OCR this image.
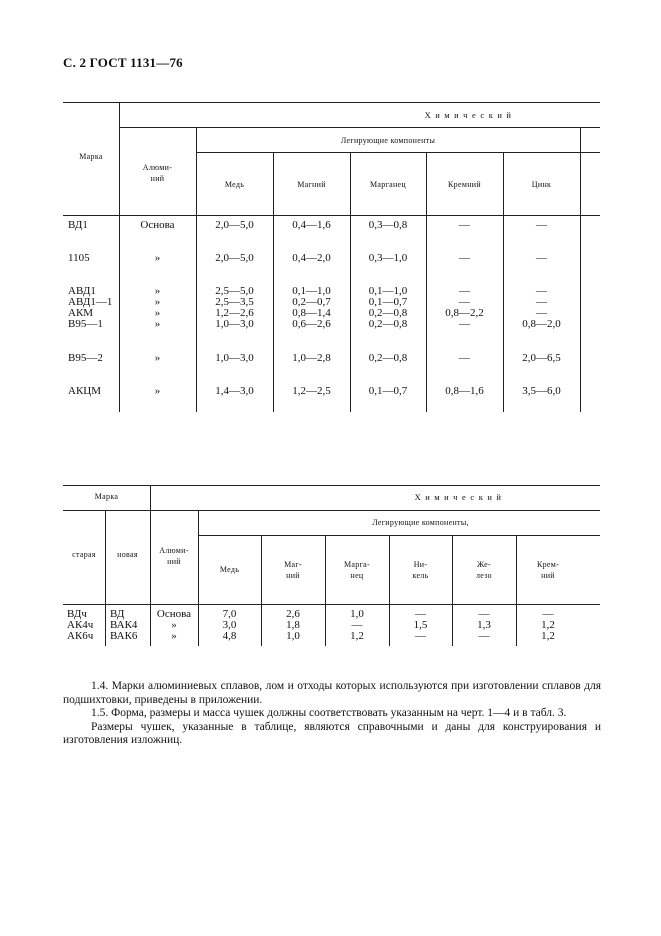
С. 2 ГОСТ 1131—76
Марка
Химический
Легирующие компоненты
Алюми-
ний
Медь	Магний	Марганец	Кремний	Цинк
ВД1	Основа	2,0—5,0	0,4—1,6	0,3—0,8	—	—
1105	»	2,0—5,0	0,4—2,0	0,3—1,0	—	—
АВД1	»	2,5—5,0	0,1—1,0	0,1—1,0	—	—
АВД1—1	»	2,5—3,5	0,2—0,7	0,1—0,7	—	—
АКМ	»	1,2—2,6	0,8—1,4	0,2—0,8	0,8—2,2	—
В95—1	»	1,0—3,0	0,6—2,6	0,2—0,8	—	0,8—2,0
В95—2	»	1,0—3,0	1,0—2,8	0,2—0,8	—	2,0—6,5
АКЦМ	»	1,4—3,0	1,2—2,5	0,1—0,7	0,8—1,6	3,5—6,0
Марка	Химический
Легирующие компоненты,
старая	новая	Алюми-
ний
Медь
Маг-
ний
Марга-
нец
Ни-
кель
Же-
лезо
Крем-
ний
ВДч ВД	Основа	7,0	2,6	1,0	—	—	—
АК4ч ВАК4	»	3,0	1,8	—	1,5	1,3	1,2
АК6ч ВАК6	»	4,8	1,0	1,2	—	—	1,2

1.4. Марки алюминиевых сплавов, лом и отходы которых используются при изготовлении сплавов для подшихтовки, приведены в приложении.

1.5. Форма, размеры и масса чушек должны соответствовать указанным на черт. 1—4 и в табл. 3.

Размеры чушек, указанные в таблице, являются справочными и даны для конструирования и изготовления изложниц.
